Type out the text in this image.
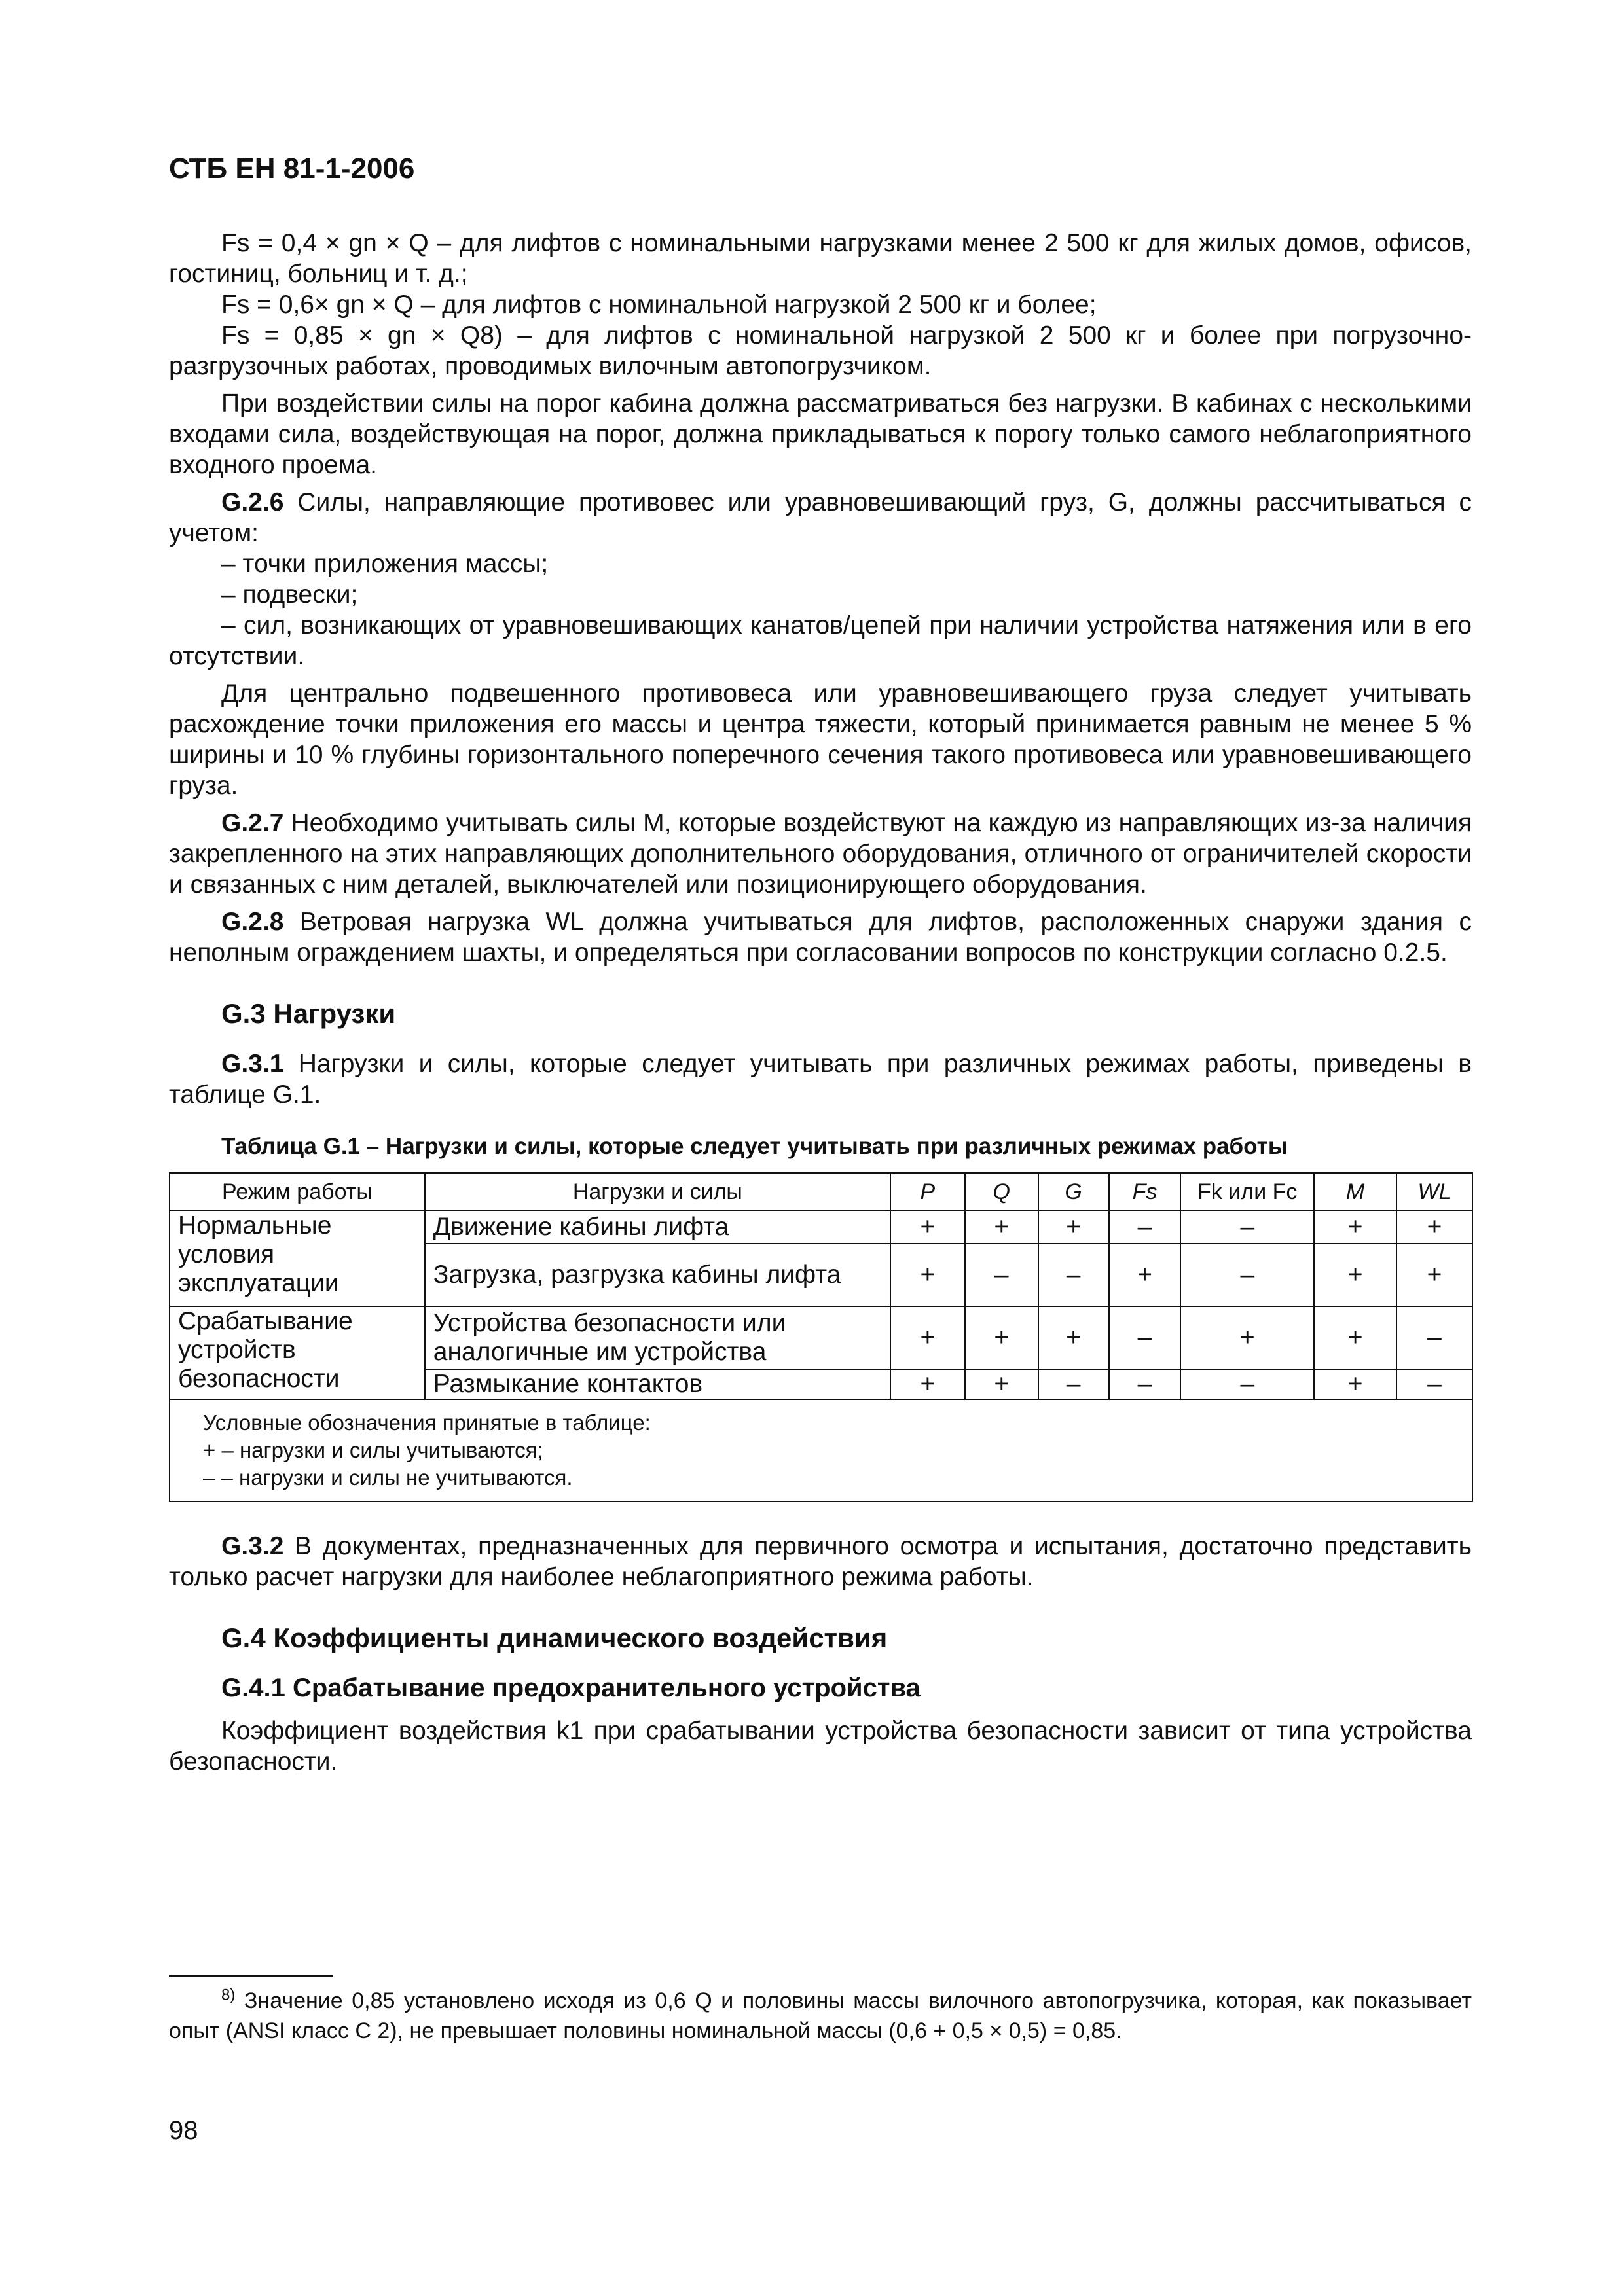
СТБ ЕН 81-1-2006

Fs = 0,4 × gn × Q – для лифтов с номинальными нагрузками менее 2 500 кг для жилых домов, офисов, гостиниц, больниц и т. д.;

Fs = 0,6× gn × Q – для лифтов с номинальной нагрузкой 2 500 кг и более;

Fs = 0,85 × gn × Q8) – для лифтов с номинальной нагрузкой 2 500 кг и более при погрузочно-разгрузочных работах, проводимых вилочным автопогрузчиком.

При воздействии силы на порог кабина должна рассматриваться без нагрузки. В кабинах с несколькими входами сила, воздействующая на порог, должна прикладываться к порогу только самого неблагоприятного входного проема.

G.2.6 Силы, направляющие противовес или уравновешивающий груз, G, должны рассчитываться с учетом:

– точки приложения массы;

– подвески;

– сил, возникающих от уравновешивающих канатов/цепей при наличии устройства натяжения или в его отсутствии.

Для центрально подвешенного противовеса или уравновешивающего груза следует учитывать расхождение точки приложения его массы и центра тяжести, который принимается равным не менее 5 % ширины и 10 % глубины горизонтального поперечного сечения такого противовеса или уравновешивающего груза.

G.2.7 Необходимо учитывать силы M, которые воздействуют на каждую из направляющих из-за наличия закрепленного на этих направляющих дополнительного оборудования, отличного от ограничителей скорости и связанных с ним деталей, выключателей или позиционирующего оборудования.

G.2.8 Ветровая нагрузка WL должна учитываться для лифтов, расположенных снаружи здания с неполным ограждением шахты, и определяться при согласовании вопросов по конструкции согласно 0.2.5.

G.3 Нагрузки

G.3.1 Нагрузки и силы, которые следует учитывать при различных режимах работы, приведены в таблице G.1.

Таблица G.1 – Нагрузки и силы, которые следует учитывать при различных режимах работы
Режим работы	Нагрузки и силы	P	Q	G	Fs	Fk или Fc	M	WL
Нормальные условия эксплуатации	Движение кабины лифта	+	+	+	–	–	+	+
	Загрузка, разгрузка кабины лифта	+	–	–	+	–	+	+
Срабатывание устройств безопасности	Устройства безопасности или аналогичные им устройства	+	+	+	–	+	+	–
	Размыкание контактов	+	+	–	–	–	+	–

Условные обозначения принятые в таблице:
+ – нагрузки и силы учитываются;
– – нагрузки и силы не учитываются.								

G.3.2 В документах, предназначенных для первичного осмотра и испытания, достаточно представить только расчет нагрузки для наиболее неблагоприятного режима работы.

G.4 Коэффициенты динамического воздействия
G.4.1 Срабатывание предохранительного устройства

Коэффициент воздействия k1 при срабатывании устройства безопасности зависит от типа устройства безопасности.

$^{8)}$ Значение 0,85 установлено исходя из 0,6 Q и половины массы вилочного автопогрузчика, которая, как показывает опыт (ANSI класс C 2), не превышает половины номинальной массы (0,6 + 0,5 × 0,5) = 0,85.
98
